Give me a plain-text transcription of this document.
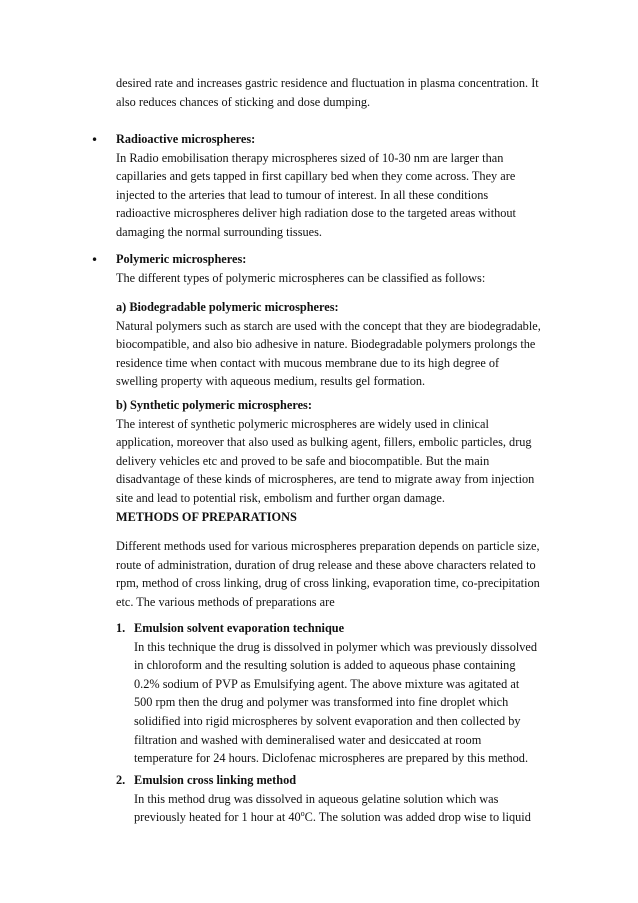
desired rate and increases gastric residence and fluctuation in plasma concentration. It

also reduces chances of sticking and dose dumping.

• Radioactive microspheres:

In Radio emobilisation therapy microspheres sized of 10-30 nm are larger than

capillaries and gets tapped in first capillary bed when they come across. They are

injected to the arteries that lead to tumour of interest. In all these conditions

radioactive microspheres deliver high radiation dose to the targeted areas without

damaging the normal surrounding tissues.

• Polymeric microspheres:

The different types of polymeric microspheres can be classified as follows:

a) Biodegradable polymeric microspheres:

Natural polymers such as starch are used with the concept that they are biodegradable,

biocompatible, and also bio adhesive in nature. Biodegradable polymers prolongs the

residence time when contact with mucous membrane due to its high degree of

swelling property with aqueous medium, results gel formation.

b) Synthetic polymeric microspheres:

The interest of synthetic polymeric microspheres are widely used in clinical

application, moreover that also used as bulking agent, fillers, embolic particles, drug

delivery vehicles etc and proved to be safe and biocompatible. But the main

disadvantage of these kinds of microspheres, are tend to migrate away from injection

site and lead to potential risk, embolism and further organ damage.

METHODS OF PREPARATIONS

Different methods used for various microspheres preparation depends on particle size,

route of administration, duration of drug release and these above characters related to

rpm, method of cross linking, drug of cross linking, evaporation time, co-precipitation

etc. The various methods of preparations are

1. Emulsion solvent evaporation technique

In this technique the drug is dissolved in polymer which was previously dissolved

in chloroform and the resulting solution is added to aqueous phase containing

0.2% sodium of PVP as Emulsifying agent. The above mixture was agitated at

500 rpm then the drug and polymer was transformed into fine droplet which

solidified into rigid microspheres by solvent evaporation and then collected by

filtration and washed with demineralised water and desiccated at room

temperature for 24 hours. Diclofenac microspheres are prepared by this method.

2. Emulsion cross linking method

In this method drug was dissolved in aqueous gelatine solution which was

previously heated for 1 hour at 40$^o$C. The solution was added drop wise to liquid
